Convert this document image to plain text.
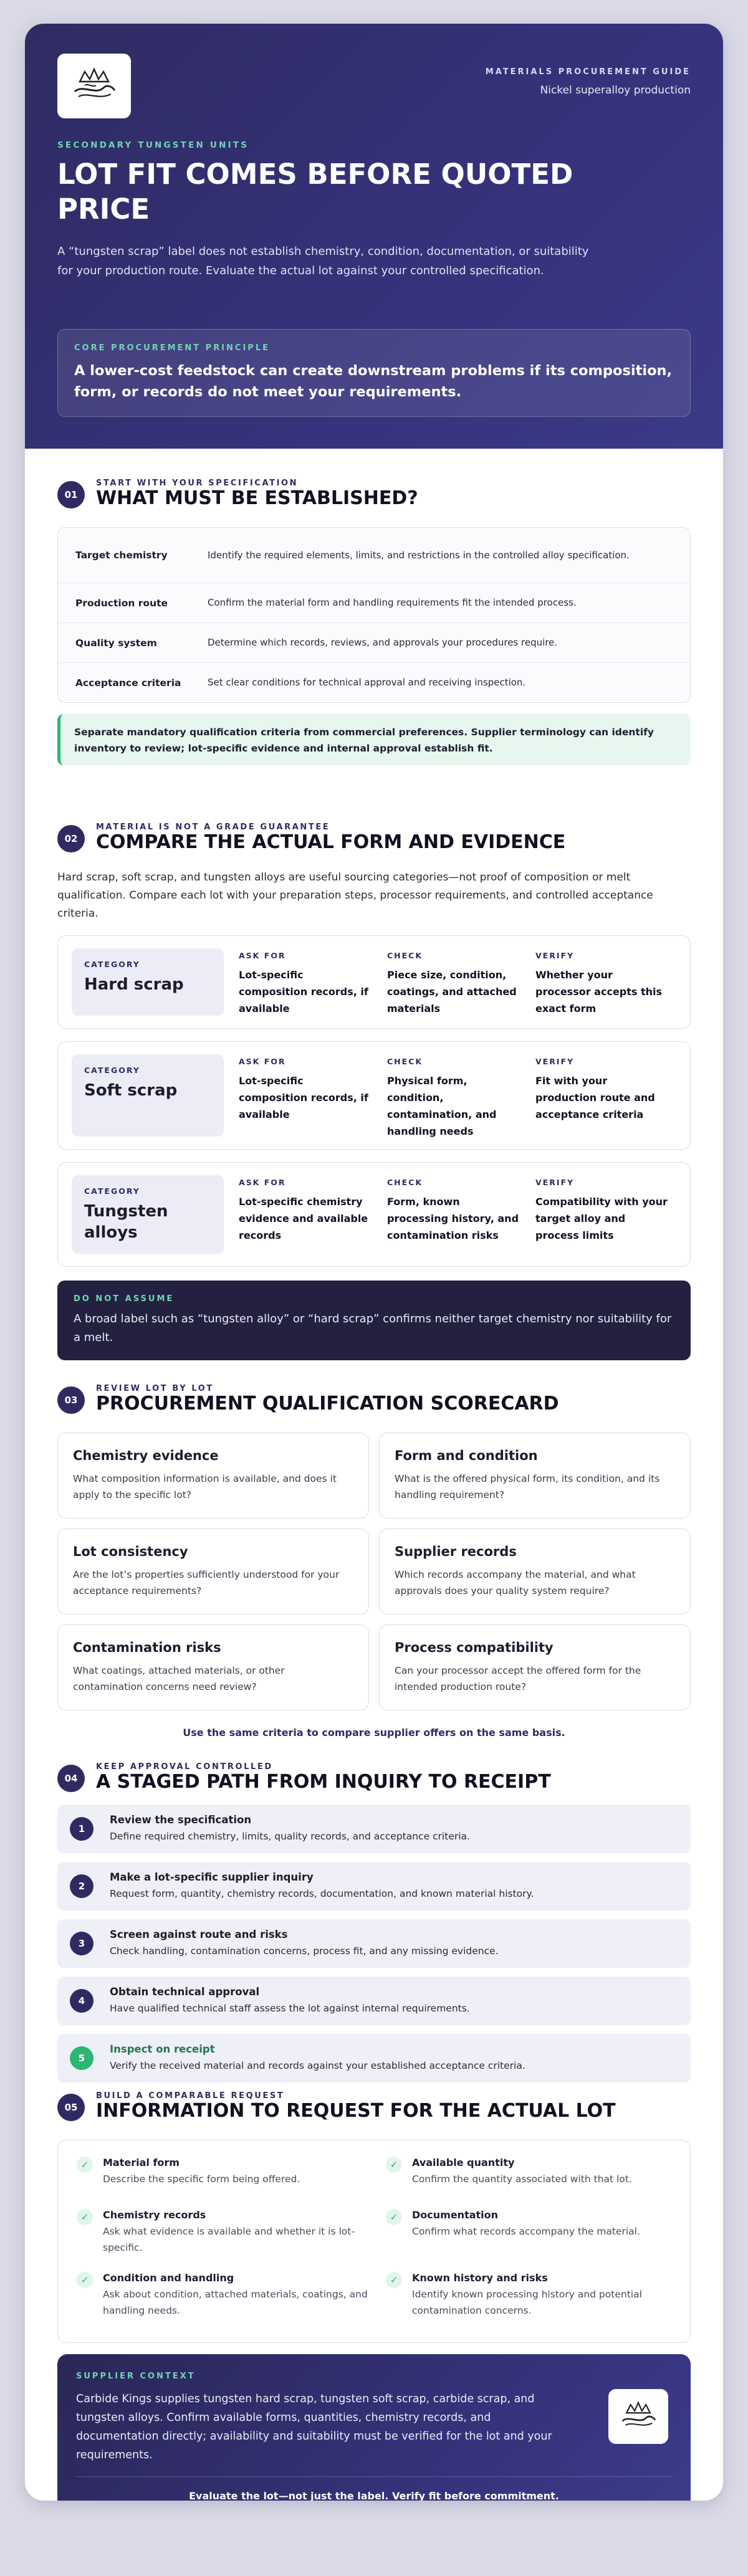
MATERIALS PROCUREMENT GUIDE
Nickel superalloy production
SECONDARY TUNGSTEN UNITS
LOT FIT COMES BEFORE QUOTED PRICE
A “tungsten scrap” label does not establish chemistry, condition, documentation, or suitability for your production route. Evaluate the actual lot against your controlled specification.
CORE PROCUREMENT PRINCIPLE
A lower-cost feedstock can create downstream problems if its composition, form, or records do not meet your requirements.
01
START WITH YOUR SPECIFICATION
WHAT MUST BE ESTABLISHED?
Target chemistry	Identify the required elements, limits, and restrictions in the controlled alloy specification.
Production route	Confirm the material form and handling requirements fit the intended process.
Quality system	Determine which records, reviews, and approvals your procedures require.
Acceptance criteria	Set clear conditions for technical approval and receiving inspection.
Separate mandatory qualification criteria from commercial preferences. Supplier terminology can identify inventory to review; lot-specific evidence and internal approval establish fit.
02
MATERIAL IS NOT A GRADE GUARANTEE
COMPARE THE ACTUAL FORM AND EVIDENCE
Hard scrap, soft scrap, and tungsten alloys are useful sourcing categories—not proof of composition or melt qualification. Compare each lot with your preparation steps, processor requirements, and controlled acceptance criteria.
CATEGORY
Hard scrap
ASK FOR
Lot-specific composition records, if available
CHECK
Piece size, condition, coatings, and attached materials
VERIFY
Whether your processor accepts this exact form
CATEGORY
Soft scrap
ASK FOR
Lot-specific composition records, if available
CHECK
Physical form, condition, contamination, and handling needs
VERIFY
Fit with your production route and acceptance criteria
CATEGORY
Tungsten alloys
ASK FOR
Lot-specific chemistry evidence and available records
CHECK
Form, known processing history, and contamination risks
VERIFY
Compatibility with your target alloy and process limits
DO NOT ASSUME
A broad label such as “tungsten alloy” or “hard scrap” confirms neither target chemistry nor suitability for a melt.
03
REVIEW LOT BY LOT
PROCUREMENT QUALIFICATION SCORECARD
Chemistry evidence
What composition information is available, and does it apply to the specific lot?
Form and condition
What is the offered physical form, its condition, and its handling requirement?
Lot consistency
Are the lot’s properties sufficiently understood for your acceptance requirements?
Supplier records
Which records accompany the material, and what approvals does your quality system require?
Contamination risks
What coatings, attached materials, or other contamination concerns need review?
Process compatibility
Can your processor accept the offered form for the intended production route?
Use the same criteria to compare supplier offers on the same basis.
04
KEEP APPROVAL CONTROLLED
A STAGED PATH FROM INQUIRY TO RECEIPT
1
Review the specification
Define required chemistry, limits, quality records, and acceptance criteria.
2
Make a lot-specific supplier inquiry
Request form, quantity, chemistry records, documentation, and known material history.
3
Screen against route and risks
Check handling, contamination concerns, process fit, and any missing evidence.
4
Obtain technical approval
Have qualified technical staff assess the lot against internal requirements.
5
Inspect on receipt
Verify the received material and records against your established acceptance criteria.
05
BUILD A COMPARABLE REQUEST
INFORMATION TO REQUEST FOR THE ACTUAL LOT
✓	Material form
Describe the specific form being offered.
✓	Available quantity
Confirm the quantity associated with that lot.
✓	Chemistry records
Ask what evidence is available and whether it is lot-specific.
✓	Documentation
Confirm what records accompany the material.
✓	Condition and handling
Ask about condition, attached materials, coatings, and handling needs.
✓	Known history and risks
Identify known processing history and potential contamination concerns.
SUPPLIER CONTEXT
Carbide Kings supplies tungsten hard scrap, tungsten soft scrap, carbide scrap, and tungsten alloys. Confirm available forms, quantities, chemistry records, and documentation directly; availability and suitability must be verified for the lot and your requirements.
Evaluate the lot—not just the label. Verify fit before commitment.
